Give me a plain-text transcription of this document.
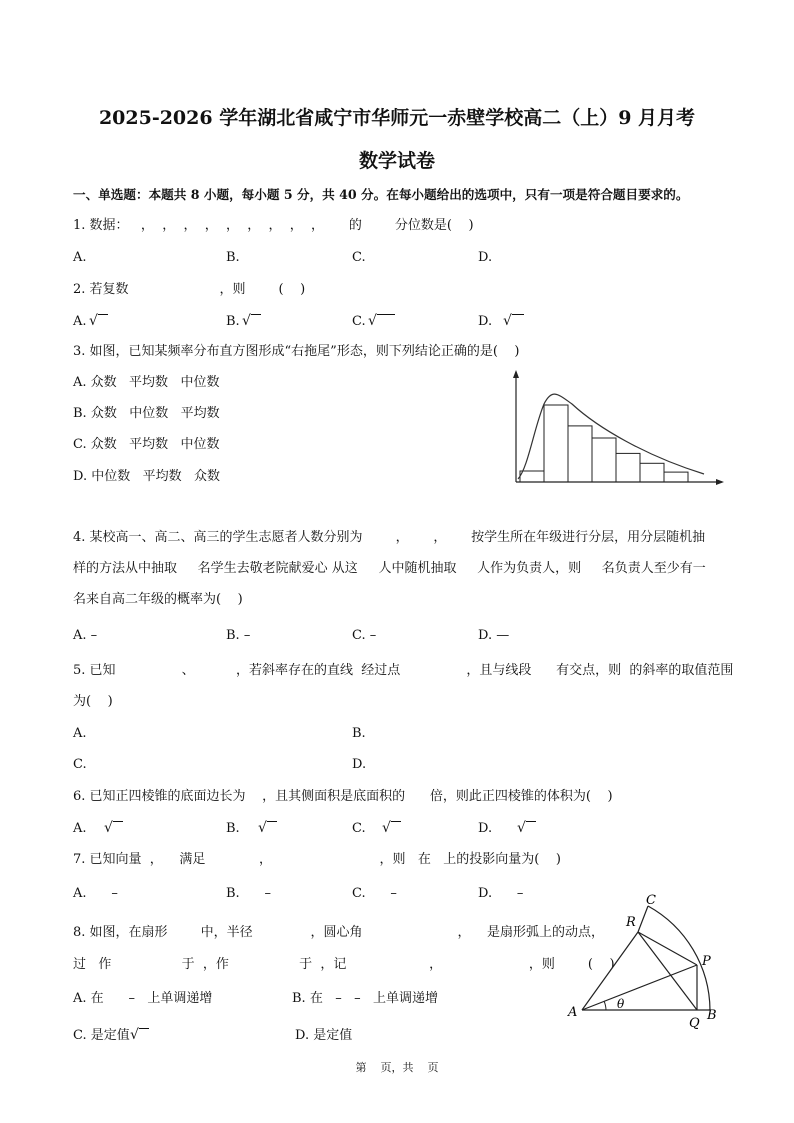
2025-2026 学年湖北省咸宁市华师元一赤壁学校高二（上）9 月月考
数学试卷
一、单选题：本题共 8 小题，每小题 5 分，共 40 分。在每小题给出的选项中，只有一项是符合题目要求的。
1. 数据：   ，  ，  ，  ，  ，  ，  ，  ，  ，      的        分位数是(    )
A.	B.	C.	D.
2. 若复数                      ，则        (    )
A. √	B. √	C. √	D. √
3. 如图，已知某频率分布直方图形成“右拖尾”形态，则下列结论正确的是(    )
A. 众数   平均数   中位数
B. 众数   中位数   平均数
C. 众数   平均数   中位数
D. 中位数   平均数   众数
4. 某校高一、高二、高三的学生志愿者人数分别为        ，      ，      按学生所在年级进行分层，用分层随机抽
样的方法从中抽取     名学生去敬老院献爱心 从这     人中随机抽取     人作为负责人，则     名负责人至少有一
名来自高二年级的概率为(    )
A. –	B. –	C. –	D. —
5. 已知                、          ，若斜率存在的直线  经过点                ，且与线段      有交点，则  的斜率的取值范围
为(    )
A.	B.
C.	D.
6. 已知正四棱锥的底面边长为    ，且其侧面积是底面积的      倍，则此正四棱锥的体积为(    )
A. √	B. √	C. √	D. √
7. 已知向量  ，    满足             ，                          ，则   在   上的投影向量为(    )
A.      –	B.      –	C.      –	D.      –
8. 如图，在扇形        中，半径              ，圆心角                       ，    是扇形弧上的动点，
过   作                 于  ，作                 于  ，记                    ，                     ，则        (    )
A. 在      –   上单调递增	B. 在   –   –   上单调递增
C. 是定值 √	D. 是定值
C
R
P
A
θ
Q
B
第    页，共    页
